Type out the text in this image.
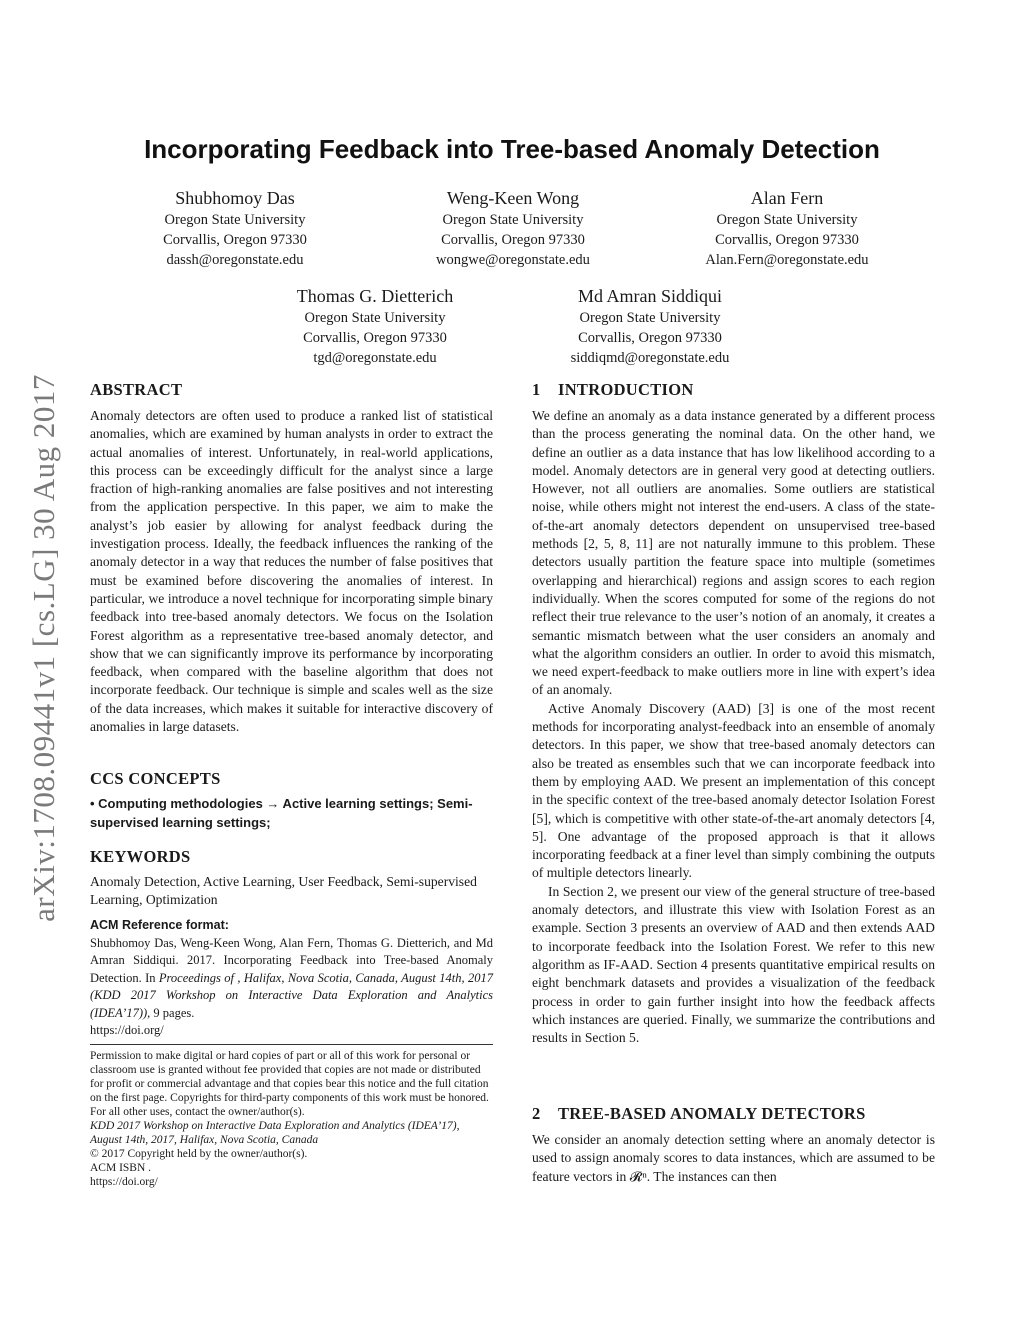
arXiv:1708.09441v1 [cs.LG] 30 Aug 2017
Incorporating Feedback into Tree-based Anomaly Detection
Shubhomoy Das
Oregon State University
Corvallis, Oregon 97330
dassh@oregonstate.edu
Weng-Keen Wong
Oregon State University
Corvallis, Oregon 97330
wongwe@oregonstate.edu
Alan Fern
Oregon State University
Corvallis, Oregon 97330
Alan.Fern@oregonstate.edu
Thomas G. Dietterich
Oregon State University
Corvallis, Oregon 97330
tgd@oregonstate.edu
Md Amran Siddiqui
Oregon State University
Corvallis, Oregon 97330
siddiqmd@oregonstate.edu
ABSTRACT

Anomaly detectors are often used to produce a ranked list of statistical anomalies, which are examined by human analysts in order to extract the actual anomalies of interest. Unfortunately, in real-world applications, this process can be exceedingly difficult for the analyst since a large fraction of high-ranking anomalies are false positives and not interesting from the application perspective. In this paper, we aim to make the analyst’s job easier by allowing for analyst feedback during the investigation process. Ideally, the feedback influences the ranking of the anomaly detector in a way that reduces the number of false positives that must be examined before discovering the anomalies of interest. In particular, we introduce a novel technique for incorporating simple binary feedback into tree-based anomaly detectors. We focus on the Isolation Forest algorithm as a representative tree-based anomaly detector, and show that we can significantly improve its performance by incorporating feedback, when compared with the baseline algorithm that does not incorporate feedback. Our technique is simple and scales well as the size of the data increases, which makes it suitable for interactive discovery of anomalies in large datasets.

CCS CONCEPTS

• Computing methodologies → Active learning settings; Semi-supervised learning settings;

KEYWORDS

Anomaly Detection, Active Learning, User Feedback, Semi-supervised Learning, Optimization

ACM Reference format:

Shubhomoy Das, Weng-Keen Wong, Alan Fern, Thomas G. Dietterich, and Md Amran Siddiqui. 2017. Incorporating Feedback into Tree-based Anomaly Detection. In Proceedings of , Halifax, Nova Scotia, Canada, August 14th, 2017 (KDD 2017 Workshop on Interactive Data Exploration and Analytics (IDEA’17)), 9 pages.
https://doi.org/

Permission to make digital or hard copies of part or all of this work for personal or classroom use is granted without fee provided that copies are not made or distributed for profit or commercial advantage and that copies bear this notice and the full citation on the first page. Copyrights for third-party components of this work must be honored. For all other uses, contact the owner/author(s).

KDD 2017 Workshop on Interactive Data Exploration and Analytics (IDEA’17), August 14th, 2017, Halifax, Nova Scotia, Canada

© 2017 Copyright held by the owner/author(s).

ACM ISBN .

https://doi.org/

1 INTRODUCTION

We define an anomaly as a data instance generated by a different process than the process generating the nominal data. On the other hand, we define an outlier as a data instance that has low likelihood according to a model. Anomaly detectors are in general very good at detecting outliers. However, not all outliers are anomalies. Some outliers are statistical noise, while others might not interest the end-users. A class of the state-of-the-art anomaly detectors dependent on unsupervised tree-based methods [2, 5, 8, 11] are not naturally immune to this problem. These detectors usually partition the feature space into multiple (sometimes overlapping and hierarchical) regions and assign scores to each region individually. When the scores computed for some of the regions do not reflect their true relevance to the user’s notion of an anomaly, it creates a semantic mismatch between what the user considers an anomaly and what the algorithm considers an outlier. In order to avoid this mismatch, we need expert-feedback to make outliers more in line with expert’s idea of an anomaly.

Active Anomaly Discovery (AAD) [3] is one of the most recent methods for incorporating analyst-feedback into an ensemble of anomaly detectors. In this paper, we show that tree-based anomaly detectors can also be treated as ensembles such that we can incorporate feedback into them by employing AAD. We present an implementation of this concept in the specific context of the tree-based anomaly detector Isolation Forest [5], which is competitive with other state-of-the-art anomaly detectors [4, 5]. One advantage of the proposed approach is that it allows incorporating feedback at a finer level than simply combining the outputs of multiple detectors linearly.

In Section 2, we present our view of the general structure of tree-based anomaly detectors, and illustrate this view with Isolation Forest as an example. Section 3 presents an overview of AAD and then extends AAD to incorporate feedback into the Isolation Forest. We refer to this new algorithm as IF-AAD. Section 4 presents quantitative empirical results on eight benchmark datasets and provides a visualization of the feedback process in order to gain further insight into how the feedback affects which instances are queried. Finally, we summarize the contributions and results in Section 5.

2 TREE-BASED ANOMALY DETECTORS

We consider an anomaly detection setting where an anomaly detector is used to assign anomaly scores to data instances, which are assumed to be feature vectors in 𝓡ⁿ. The instances can then
